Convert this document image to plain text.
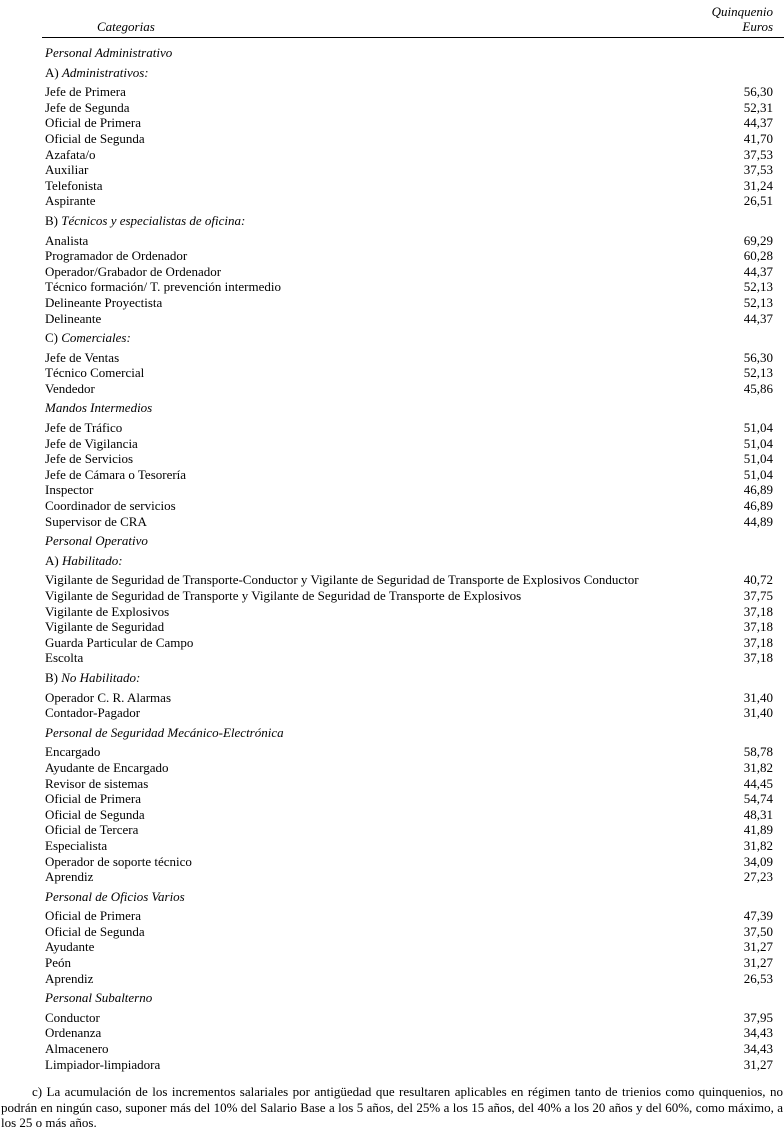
Categorias
Quinquenio
Euros
Personal Administrativo
A) Administrativos:
Jefe de Primera	56,30
Jefe de Segunda	52,31
Oficial de Primera	44,37
Oficial de Segunda	41,70
Azafata/o	37,53
Auxiliar	37,53
Telefonista	31,24
Aspirante	26,51
B) Técnicos y especialistas de oficina:
Analista	69,29
Programador de Ordenador	60,28
Operador/Grabador de Ordenador	44,37
Técnico formación/ T. prevención intermedio	52,13
Delineante Proyectista	52,13
Delineante	44,37
C) Comerciales:
Jefe de Ventas	56,30
Técnico Comercial	52,13
Vendedor	45,86
Mandos Intermedios
Jefe de Tráfico	51,04
Jefe de Vigilancia	51,04
Jefe de Servicios	51,04
Jefe de Cámara o Tesorería	51,04
Inspector	46,89
Coordinador de servicios	46,89
Supervisor de CRA	44,89
Personal Operativo
A) Habilitado:
Vigilante de Seguridad de Transporte-Conductor y Vigilante de Seguridad de Transporte de Explosivos Conductor	40,72
Vigilante de Seguridad de Transporte y Vigilante de Seguridad de Transporte de Explosivos	37,75
Vigilante de Explosivos	37,18
Vigilante de Seguridad	37,18
Guarda Particular de Campo	37,18
Escolta	37,18
B) No Habilitado:
Operador C. R. Alarmas	31,40
Contador-Pagador	31,40
Personal de Seguridad Mecánico-Electrónica
Encargado	58,78
Ayudante de Encargado	31,82
Revisor de sistemas	44,45
Oficial de Primera	54,74
Oficial de Segunda	48,31
Oficial de Tercera	41,89
Especialista	31,82
Operador de soporte técnico	34,09
Aprendiz	27,23
Personal de Oficios Varios
Oficial de Primera	47,39
Oficial de Segunda	37,50
Ayudante	31,27
Peón	31,27
Aprendiz	26,53
Personal Subalterno
Conductor	37,95
Ordenanza	34,43
Almacenero	34,43
Limpiador-limpiadora	31,27

c) La acumulación de los incrementos salariales por antigüedad que resultaren aplicables en régimen tanto de trienios como quinquenios, no podrán en ningún caso, suponer más del 10% del Salario Base a los 5 años, del 25% a los 15 años, del 40% a los 20 años y del 60%, como máximo, a los 25 o más años.
